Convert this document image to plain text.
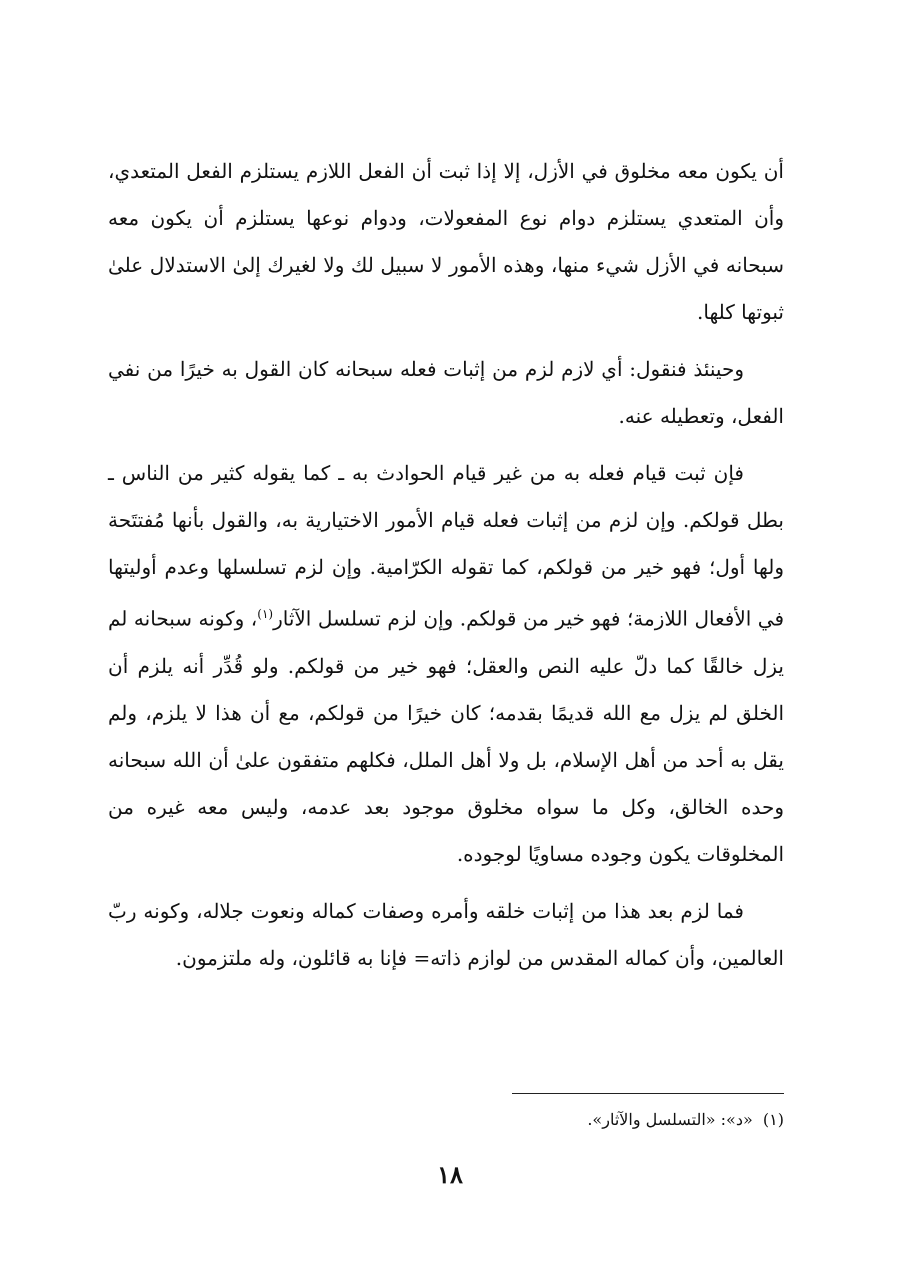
أن يكون معه مخلوق في الأزل، إلا إذا ثبت أن الفعل اللازم يستلزم الفعل المتعدي، وأن المتعدي يستلزم دوام نوع المفعولات، ودوام نوعها يستلزم أن يكون معه سبحانه في الأزل شيء منها، وهذه الأمور لا سبيل لك ولا لغيرك إلىٰ الاستدلال علىٰ ثبوتها كلها.

وحينئذ فنقول: أي لازم لزم من إثبات فعله سبحانه كان القول به خيرًا من نفي الفعل، وتعطيله عنه.

فإن ثبت قيام فعله به من غير قيام الحوادث به ـ كما يقوله كثير من الناس ـ بطل قولكم. وإن لزم من إثبات فعله قيام الأمور الاختيارية به، والقول بأنها مُفتتَحة ولها أول؛ فهو خير من قولكم، كما تقوله الكرّامية. وإن لزم تسلسلها وعدم أوليتها في الأفعال اللازمة؛ فهو خير من قولكم. وإن لزم تسلسل الآثار$^{(١)}$، وكونه سبحانه لم يزل خالقًا كما دلّ عليه النص والعقل؛ فهو خير من قولكم. ولو قُدِّر أنه يلزم أن الخلق لم يزل مع الله قديمًا بقدمه؛ كان خيرًا من قولكم، مع أن هذا لا يلزم، ولم يقل به أحد من أهل الإسلام، بل ولا أهل الملل، فكلهم متفقون علىٰ أن الله سبحانه وحده الخالق، وكل ما سواه مخلوق موجود بعد عدمه، وليس معه غيره من المخلوقات يكون وجوده مساويًا لوجوده.

فما لزم بعد هذا من إثبات خلقه وأمره وصفات كماله ونعوت جلاله، وكونه ربّ العالمين، وأن كماله المقدس من لوازم ذاته= فإنا به قائلون، وله ملتزمون.

(١)  «د»: «التسلسل والآثار».

١٨
